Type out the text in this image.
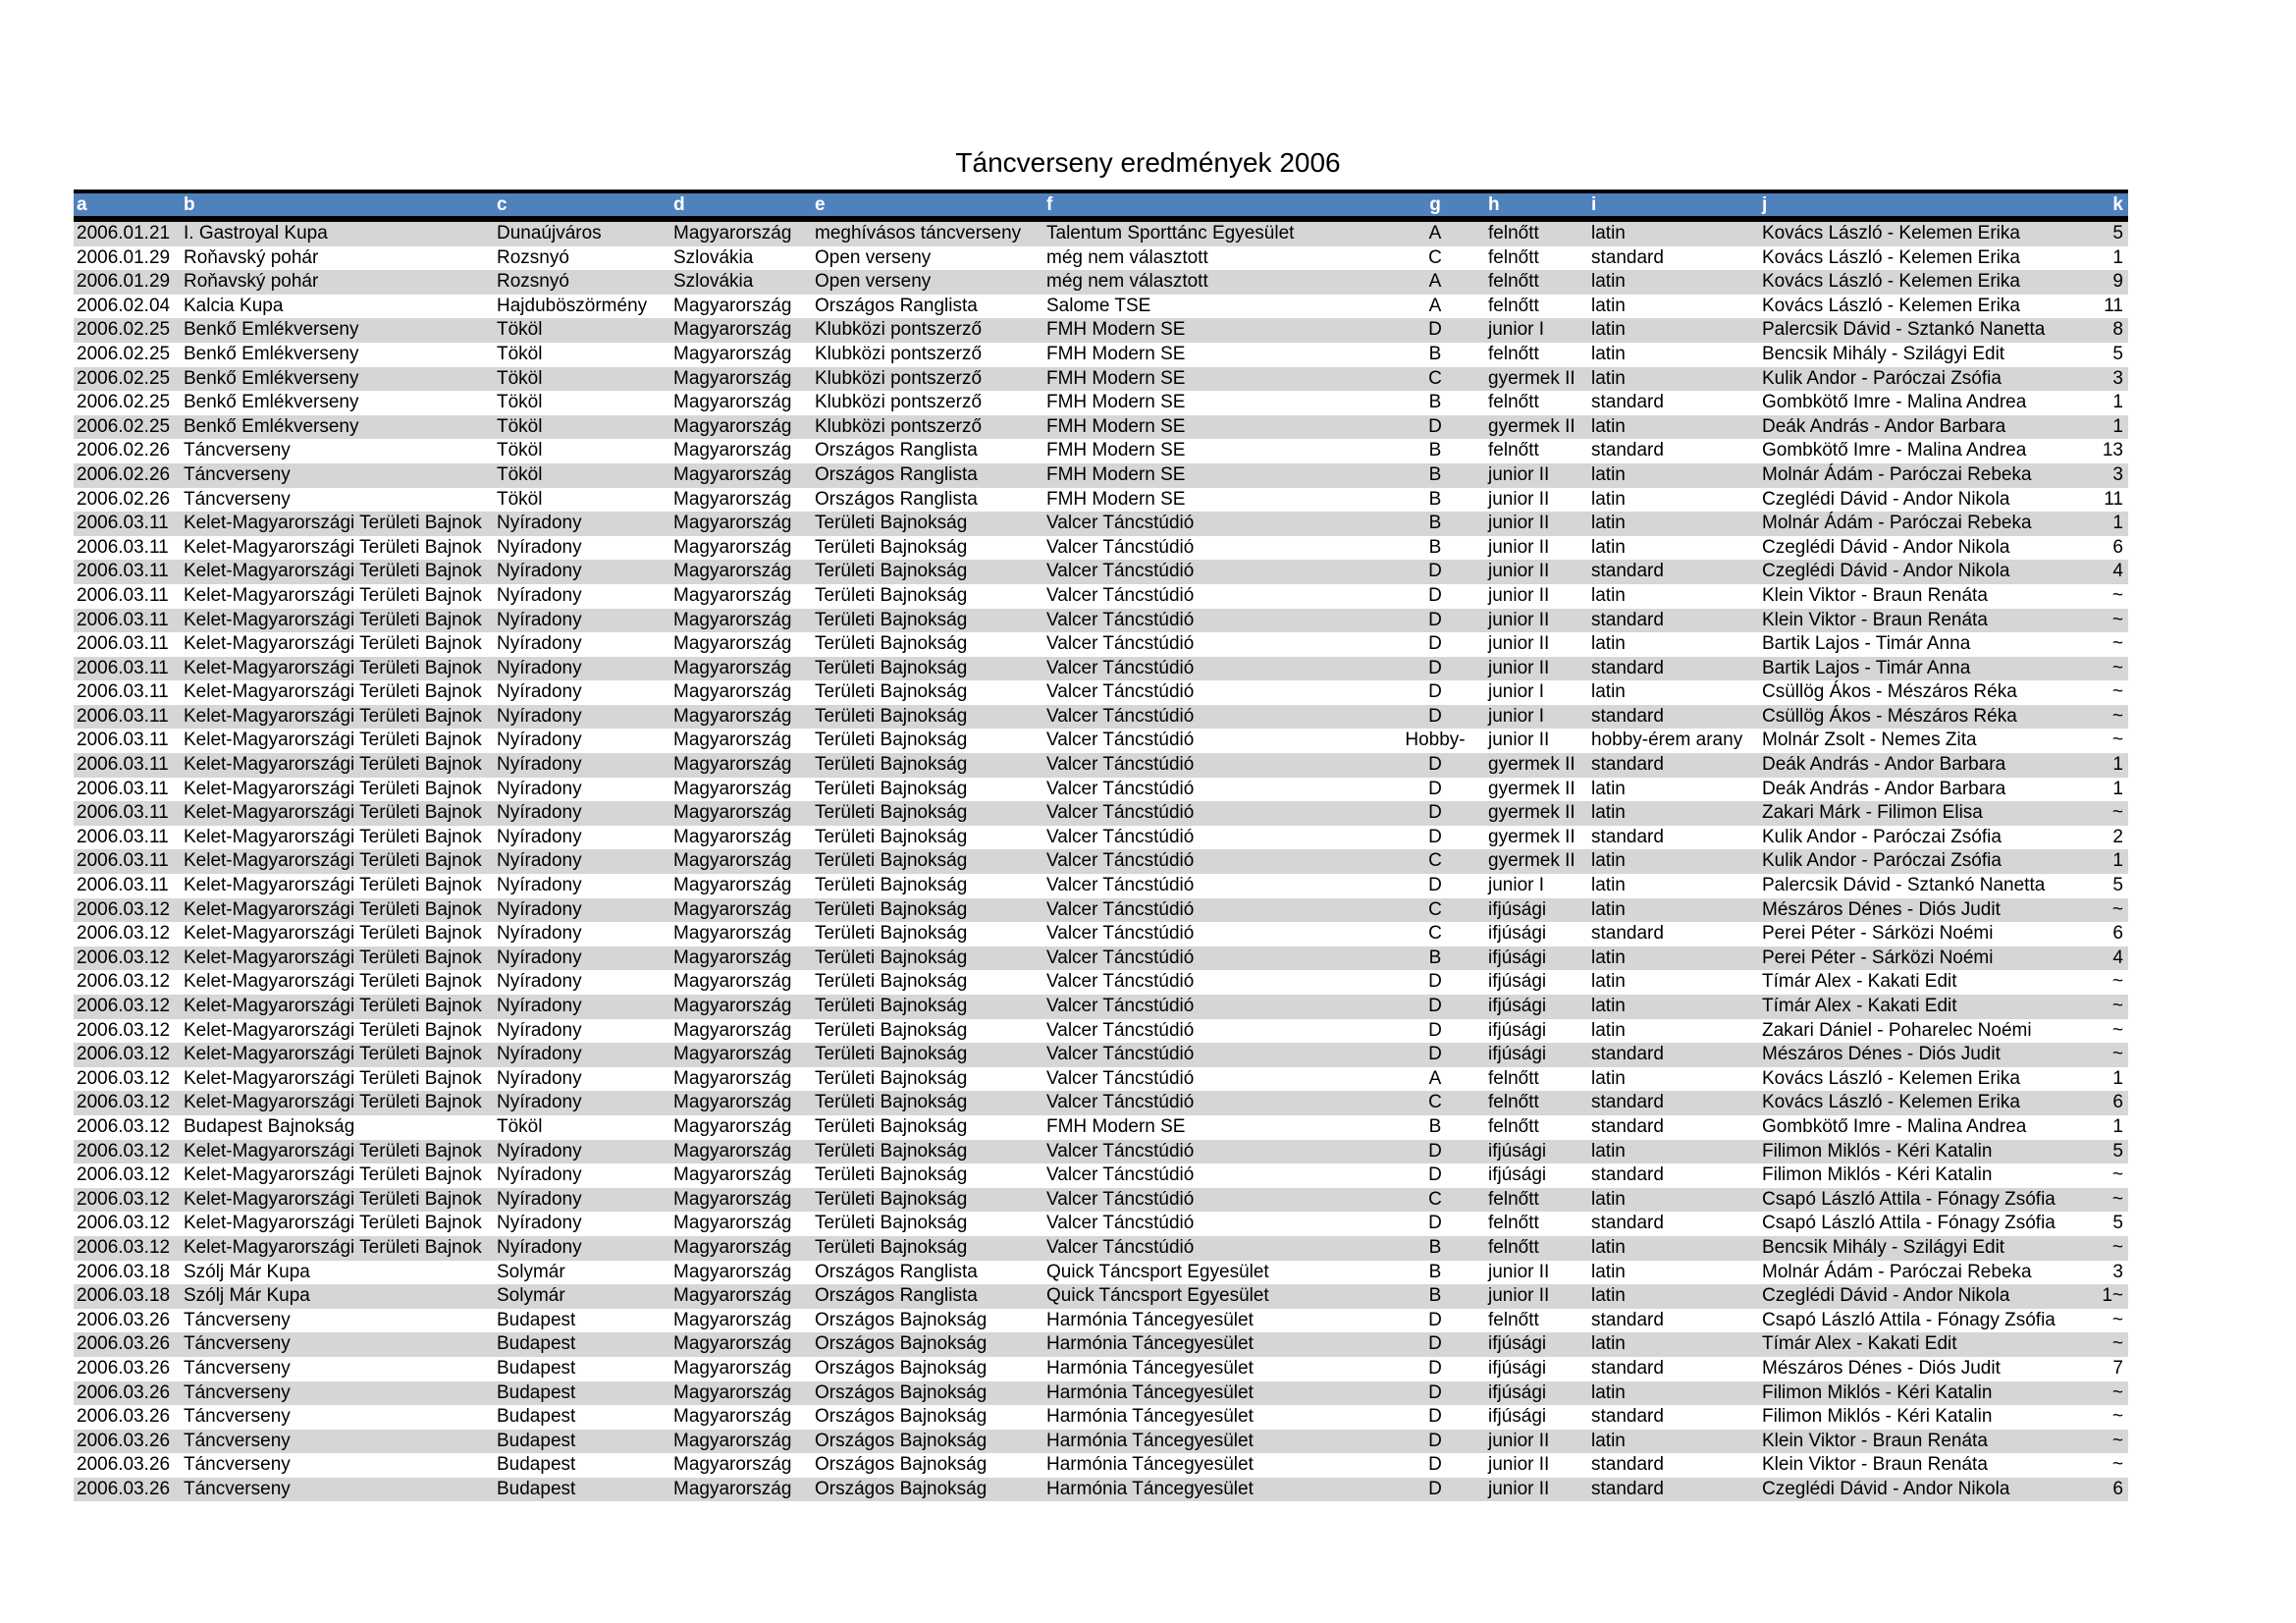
Táncverseny eredmények 2006
a	b	c	d	e	f	g	h	i	j	k
2006.01.21 I. Gastroyal Kupa	Dunaújváros	Magyarország	meghívásos táncverseny	Talentum Sporttánc Egyesület	A	felnőtt	latin	Kovács László - Kelemen Erika	5
2006.01.29 Roňavský pohár	Rozsnyó	Szlovákia	Open verseny	még nem választott	C	felnőtt	standard	Kovács László - Kelemen Erika	1
2006.01.29 Roňavský pohár	Rozsnyó	Szlovákia	Open verseny	még nem választott	A	felnőtt	latin	Kovács László - Kelemen Erika	9
2006.02.04 Kalcia Kupa	Hajduböszörmény	Magyarország	Országos Ranglista	Salome TSE	A	felnőtt	latin	Kovács László - Kelemen Erika	11
2006.02.25 Benkő Emlékverseny	Tököl	Magyarország	Klubközi pontszerző	FMH Modern SE	D	junior I	latin	Palercsik Dávid - Sztankó Nanetta	8
2006.02.25 Benkő Emlékverseny	Tököl	Magyarország	Klubközi pontszerző	FMH Modern SE	B	felnőtt	latin	Bencsik Mihály - Szilágyi Edit	5
2006.02.25 Benkő Emlékverseny	Tököl	Magyarország	Klubközi pontszerző	FMH Modern SE	C	gyermek II latin	Kulik Andor - Paróczai Zsófia	3
2006.02.25 Benkő Emlékverseny	Tököl	Magyarország	Klubközi pontszerző	FMH Modern SE	B	felnőtt	standard	Gombkötő Imre - Malina Andrea	1
2006.02.25 Benkő Emlékverseny	Tököl	Magyarország	Klubközi pontszerző	FMH Modern SE	D	gyermek II latin	Deák András - Andor Barbara	1
2006.02.26 Táncverseny	Tököl	Magyarország	Országos Ranglista	FMH Modern SE	B	felnőtt	standard	Gombkötő Imre - Malina Andrea	13
2006.02.26 Táncverseny	Tököl	Magyarország	Országos Ranglista	FMH Modern SE	B	junior II	latin	Molnár Ádám - Paróczai Rebeka	3
2006.02.26 Táncverseny	Tököl	Magyarország	Országos Ranglista	FMH Modern SE	B	junior II	latin	Czeglédi Dávid - Andor Nikola	11
2006.03.11 Kelet-Magyarországi Területi Bajnok Nyíradony	Magyarország	Területi Bajnokság	Valcer Táncstúdió	B	junior II	latin	Molnár Ádám - Paróczai Rebeka	1
2006.03.11 Kelet-Magyarországi Területi Bajnok Nyíradony	Magyarország	Területi Bajnokság	Valcer Táncstúdió	B	junior II	latin	Czeglédi Dávid - Andor Nikola	6
2006.03.11 Kelet-Magyarországi Területi Bajnok Nyíradony	Magyarország	Területi Bajnokság	Valcer Táncstúdió	D	junior II	standard	Czeglédi Dávid - Andor Nikola	4
2006.03.11 Kelet-Magyarországi Területi Bajnok Nyíradony	Magyarország	Területi Bajnokság	Valcer Táncstúdió	D	junior II	latin	Klein Viktor - Braun Renáta	~
2006.03.11 Kelet-Magyarországi Területi Bajnok Nyíradony	Magyarország	Területi Bajnokság	Valcer Táncstúdió	D	junior II	standard	Klein Viktor - Braun Renáta	~
2006.03.11 Kelet-Magyarországi Területi Bajnok Nyíradony	Magyarország	Területi Bajnokság	Valcer Táncstúdió	D	junior II	latin	Bartik Lajos - Timár Anna	~
2006.03.11 Kelet-Magyarországi Területi Bajnok Nyíradony	Magyarország	Területi Bajnokság	Valcer Táncstúdió	D	junior II	standard	Bartik Lajos - Timár Anna	~
2006.03.11 Kelet-Magyarországi Területi Bajnok Nyíradony	Magyarország	Területi Bajnokság	Valcer Táncstúdió	D	junior I	latin	Csüllög Ákos - Mészáros Réka	~
2006.03.11 Kelet-Magyarországi Területi Bajnok Nyíradony	Magyarország	Területi Bajnokság	Valcer Táncstúdió	D	junior I	standard	Csüllög Ákos - Mészáros Réka	~
2006.03.11 Kelet-Magyarországi Területi Bajnok Nyíradony	Magyarország	Területi Bajnokság	Valcer Táncstúdió	Hobby-	junior II	hobby-érem arany	Molnár Zsolt - Nemes Zita	~
2006.03.11 Kelet-Magyarországi Területi Bajnok Nyíradony	Magyarország	Területi Bajnokság	Valcer Táncstúdió	D	gyermek II standard	Deák András - Andor Barbara	1
2006.03.11 Kelet-Magyarországi Területi Bajnok Nyíradony	Magyarország	Területi Bajnokság	Valcer Táncstúdió	D	gyermek II latin	Deák András - Andor Barbara	1
2006.03.11 Kelet-Magyarországi Területi Bajnok Nyíradony	Magyarország	Területi Bajnokság	Valcer Táncstúdió	D	gyermek II latin	Zakari Márk - Filimon Elisa	~
2006.03.11 Kelet-Magyarországi Területi Bajnok Nyíradony	Magyarország	Területi Bajnokság	Valcer Táncstúdió	D	gyermek II standard	Kulik Andor - Paróczai Zsófia	2
2006.03.11 Kelet-Magyarországi Területi Bajnok Nyíradony	Magyarország	Területi Bajnokság	Valcer Táncstúdió	C	gyermek II latin	Kulik Andor - Paróczai Zsófia	1
2006.03.11 Kelet-Magyarországi Területi Bajnok Nyíradony	Magyarország	Területi Bajnokság	Valcer Táncstúdió	D	junior I	latin	Palercsik Dávid - Sztankó Nanetta	5
2006.03.12 Kelet-Magyarországi Területi Bajnok Nyíradony	Magyarország	Területi Bajnokság	Valcer Táncstúdió	C	ifjúsági	latin	Mészáros Dénes - Diós Judit	~
2006.03.12 Kelet-Magyarországi Területi Bajnok Nyíradony	Magyarország	Területi Bajnokság	Valcer Táncstúdió	C	ifjúsági	standard	Perei Péter - Sárközi Noémi	6
2006.03.12 Kelet-Magyarországi Területi Bajnok Nyíradony	Magyarország	Területi Bajnokság	Valcer Táncstúdió	B	ifjúsági	latin	Perei Péter - Sárközi Noémi	4
2006.03.12 Kelet-Magyarországi Területi Bajnok Nyíradony	Magyarország	Területi Bajnokság	Valcer Táncstúdió	D	ifjúsági	latin	Tímár Alex - Kakati Edit	~
2006.03.12 Kelet-Magyarországi Területi Bajnok Nyíradony	Magyarország	Területi Bajnokság	Valcer Táncstúdió	D	ifjúsági	latin	Tímár Alex - Kakati Edit	~
2006.03.12 Kelet-Magyarországi Területi Bajnok Nyíradony	Magyarország	Területi Bajnokság	Valcer Táncstúdió	D	ifjúsági	latin	Zakari Dániel - Poharelec Noémi	~
2006.03.12 Kelet-Magyarországi Területi Bajnok Nyíradony	Magyarország	Területi Bajnokság	Valcer Táncstúdió	D	ifjúsági	standard	Mészáros Dénes - Diós Judit	~
2006.03.12 Kelet-Magyarországi Területi Bajnok Nyíradony	Magyarország	Területi Bajnokság	Valcer Táncstúdió	A	felnőtt	latin	Kovács László - Kelemen Erika	1
2006.03.12 Kelet-Magyarországi Területi Bajnok Nyíradony	Magyarország	Területi Bajnokság	Valcer Táncstúdió	C	felnőtt	standard	Kovács László - Kelemen Erika	6
2006.03.12 Budapest Bajnokság	Tököl	Magyarország	Területi Bajnokság	FMH Modern SE	B	felnőtt	standard	Gombkötő Imre - Malina Andrea	1
2006.03.12 Kelet-Magyarországi Területi Bajnok Nyíradony	Magyarország	Területi Bajnokság	Valcer Táncstúdió	D	ifjúsági	latin	Filimon Miklós - Kéri Katalin	5
2006.03.12 Kelet-Magyarországi Területi Bajnok Nyíradony	Magyarország	Területi Bajnokság	Valcer Táncstúdió	D	ifjúsági	standard	Filimon Miklós - Kéri Katalin	~
2006.03.12 Kelet-Magyarországi Területi Bajnok Nyíradony	Magyarország	Területi Bajnokság	Valcer Táncstúdió	C	felnőtt	latin	Csapó László Attila - Fónagy Zsófia	~
2006.03.12 Kelet-Magyarországi Területi Bajnok Nyíradony	Magyarország	Területi Bajnokság	Valcer Táncstúdió	D	felnőtt	standard	Csapó László Attila - Fónagy Zsófia	5
2006.03.12 Kelet-Magyarországi Területi Bajnok Nyíradony	Magyarország	Területi Bajnokság	Valcer Táncstúdió	B	felnőtt	latin	Bencsik Mihály - Szilágyi Edit	~
2006.03.18 Szólj Már Kupa	Solymár	Magyarország	Országos Ranglista	Quick Táncsport Egyesület	B	junior II	latin	Molnár Ádám - Paróczai Rebeka	3
2006.03.18 Szólj Már Kupa	Solymár	Magyarország	Országos Ranglista	Quick Táncsport Egyesület	B	junior II	latin	Czeglédi Dávid - Andor Nikola	1~
2006.03.26 Táncverseny	Budapest	Magyarország	Országos Bajnokság	Harmónia Táncegyesület	D	felnőtt	standard	Csapó László Attila - Fónagy Zsófia	~
2006.03.26 Táncverseny	Budapest	Magyarország	Országos Bajnokság	Harmónia Táncegyesület	D	ifjúsági	latin	Tímár Alex - Kakati Edit	~
2006.03.26 Táncverseny	Budapest	Magyarország	Országos Bajnokság	Harmónia Táncegyesület	D	ifjúsági	standard	Mészáros Dénes - Diós Judit	7
2006.03.26 Táncverseny	Budapest	Magyarország	Országos Bajnokság	Harmónia Táncegyesület	D	ifjúsági	latin	Filimon Miklós - Kéri Katalin	~
2006.03.26 Táncverseny	Budapest	Magyarország	Országos Bajnokság	Harmónia Táncegyesület	D	ifjúsági	standard	Filimon Miklós - Kéri Katalin	~
2006.03.26 Táncverseny	Budapest	Magyarország	Országos Bajnokság	Harmónia Táncegyesület	D	junior II	latin	Klein Viktor - Braun Renáta	~
2006.03.26 Táncverseny	Budapest	Magyarország	Országos Bajnokság	Harmónia Táncegyesület	D	junior II	standard	Klein Viktor - Braun Renáta	~
2006.03.26 Táncverseny	Budapest	Magyarország	Országos Bajnokság	Harmónia Táncegyesület	D	junior II	standard	Czeglédi Dávid - Andor Nikola	6
